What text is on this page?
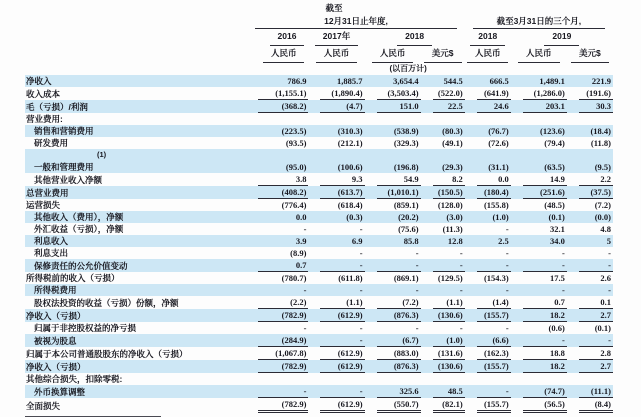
	截至
12月31日止年度,				截至3月31日的三个月,		

	2016	2017年	2018		2018	2019	
	人民币	人民币	人民币	美元$	人民币	人民币	美元$
	(以百万计)						
净收入	786.9	1,885.7	3,654.4	544.5	666.5	1,489.1	221.9

收入成本	(1,155.1)	(1,890.4)	(3,503.4)	(522.0)	(641.9)	(1,286.0)	(191.6)

毛（亏损）/利润	(368.2)	(4.7)	151.0	22.5	24.6	203.1	30.3

营业费用:	

销售和营销费用	(223.5)	(310.3)	(538.9)	(80.3)	(76.7)	(123.6)	(18.4)

研发费用	(93.5)	(212.1)	(329.3)	(49.1)	(72.6)	(79.4)	(11.8)

(1)	

一般和管理费用	(95.0)	(100.6)	(196.8)	(29.3)	(31.1)	(63.5)	(9.5)

其他营业收入净额	3.8	9.3	54.9	8.2	0.0	14.9	2.2

总营业费用	(408.2)	(613.7)	(1,010.1)	(150.5)	(180.4)	(251.6)	(37.5)

运营损失	(776.4)	(618.4)	(859.1)	(128.0)	(155.8)	(48.5)	(7.2)

其他收入（费用），净额	0.0	(0.3)	(20.2)	(3.0)	(1.0)	(0.1)	(0.0)

外汇收益（亏损），净额	-	-	(75.6)	(11.3)	-	32.1	4.8

利息收入	3.9	6.9	85.8	12.8	2.5	34.0	5

利息支出	(8.9)	-	-	-	-	-	-

保修责任的公允价值变动	0.7	-	-	-	-	-	-

所得税前的收入（亏损）	(780.7)	(611.8)	(869.1)	(129.5)	(154.3)	17.5	2.6

所得税费用	-	-	-	-	-	-	-

股权法投资的收益（亏损）份额，净额	(2.2)	(1.1)	(7.2)	(1.1)	(1.4)	0.7	0.1

净收入（亏损）	(782.9)	(612.9)	(876.3)	(130.6)	(155.7)	18.2	2.7

归属于非控股权益的净亏损	-	-	-	-	-	(0.6)	(0.1)

被视为股息	(284.9)	-	(6.7)	(1.0)	(6.6)	-	-

归属于本公司普通股股东的净收入（亏损）	(1,067.8)	(612.9)	(883.0)	(131.6)	(162.3)	18.8	2.8

净收入（亏损）	(782.9)	(612.9)	(876.3)	(130.6)	(155.7)	18.2	2.7

其他综合损失，扣除零税:	

外币换算调整	-	-	325.6	48.5	-	(74.7)	(11.1)

全面损失	(782.9)	(612.9)	(550.7)	(82.1)	(155.7)	(56.5)	(8.4)
